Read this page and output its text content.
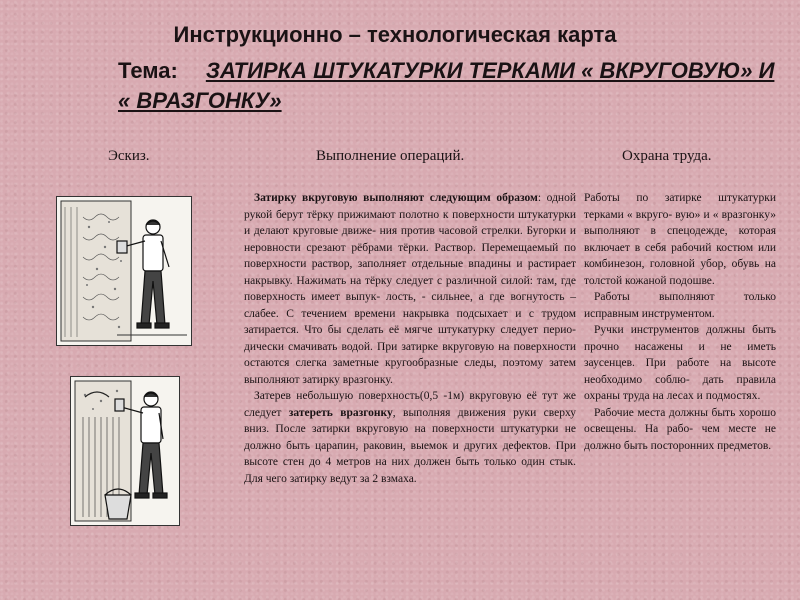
Инструкционно – технологическая карта
Тема: ЗАТИРКА ШТУКАТУРКИ ТЕРКАМИ « ВКРУГОВУЮ» И « ВРАЗГОНКУ»
Эскиз.	Выполнение операций.	Охрана труда.

Затирку вкруговую выполняют следующим образом: одной рукой берут тёрку прижимают полотно к поверхности штукатурки и делают круговые движе- ния против часовой стрелки. Бугорки и неровности срезают рёбрами тёрки. Раствор. Перемещаемый по поверхности раствор, заполняет отдельные впадины и растирает накрывку. Нажимать на тёрку следует с различной силой: там, где поверхность имеет выпук- лость, - сильнее, а где вогнутость – слабее. С течением времени накрывка подсыхает и с трудом затирается. Что бы сделать её мягче штукатурку следует перио- дически смачивать водой. При затирке вкруговую на поверхности остаются слегка заметные кругообразные следы, поэтому затем выполняют затирку вразгонку.

Затерев небольшую поверхность(0,5 -1м) вкруговую её тут же следует затереть вразгонку, выполняя движения руки сверху вниз. После затирки вкруговую на поверхности штукатурки не должно быть царапин, раковин, выемок и других дефектов. При высоте стен до 4 метров на них должен быть только один стык. Для чего затирку ведут за 2 взмаха.

Работы по затирке штукатурки терками « вкруго- вую» и « вразгонку» выполняют в спецодежде, которая включает в себя рабочий костюм или комбинезон, головной убор, обувь на толстой кожаной подошве.

Работы выполняют только исправным инструментом.

Ручки инструментов должны быть прочно насажены и не иметь заусенцев. При работе на высоте необходимо соблю- дать правила охраны труда на лесах и подмостях.

Рабочие места должны быть хорошо освещены. На рабо- чем месте не должно быть посторонних предметов.
